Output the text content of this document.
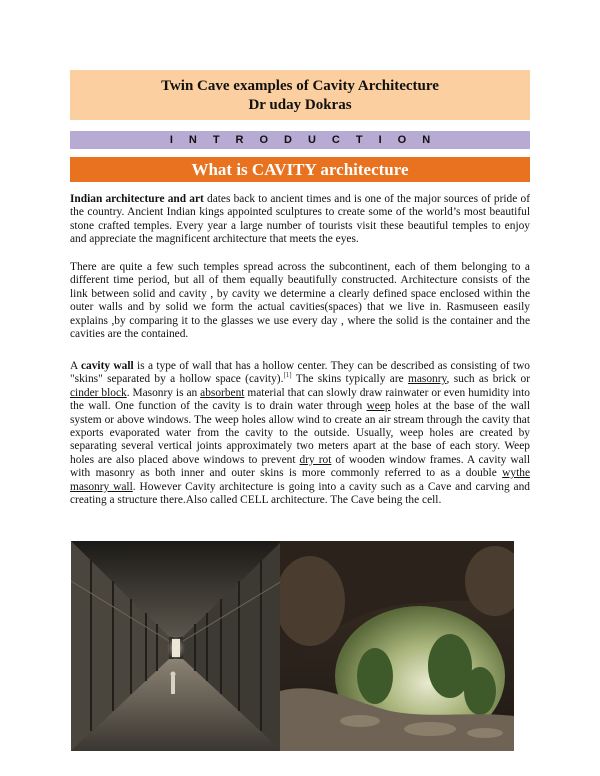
Twin Cave examples of Cavity Architecture
Dr uday Dokras
INTRODUCTION
What is CAVITY architecture

Indian architecture and art dates back to ancient times and is one of the major sources of pride of the country. Ancient Indian kings appointed sculptures to create some of the world’s most beautiful stone crafted temples. Every year a large number of tourists visit these beautiful temples to enjoy and appreciate the magnificent architecture that meets the eyes.

There are quite a few such temples spread across the subcontinent, each of them belonging to a different time period, but all of them equally beautifully constructed. Architecture consists of the link between solid and cavity , by cavity we determine a clearly defined space enclosed within the outer walls and by solid we form the actual cavities(spaces) that we live in. Rasmuseen easily explains ,by comparing it to the glasses we use every day , where the solid is the container and the cavities are the contained.

A cavity wall is a type of wall that has a hollow center. They can be described as consisting of two "skins" separated by a hollow space (cavity).[1] The skins typically are masonry, such as brick or cinder block. Masonry is an absorbent material that can slowly draw rainwater or even humidity into the wall. One function of the cavity is to drain water through weep holes at the base of the wall system or above windows. The weep holes allow wind to create an air stream through the cavity that exports evaporated water from the cavity to the outside. Usually, weep holes are created by separating several vertical joints approximately two meters apart at the base of each story. Weep holes are also placed above windows to prevent dry rot of wooden window frames. A cavity wall with masonry as both inner and outer skins is more commonly referred to as a double wythe masonry wall. However Cavity architecture is going into a cavity such as a Cave and carving and creating a structure there.Also called CELL architecture. The Cave being the cell.
